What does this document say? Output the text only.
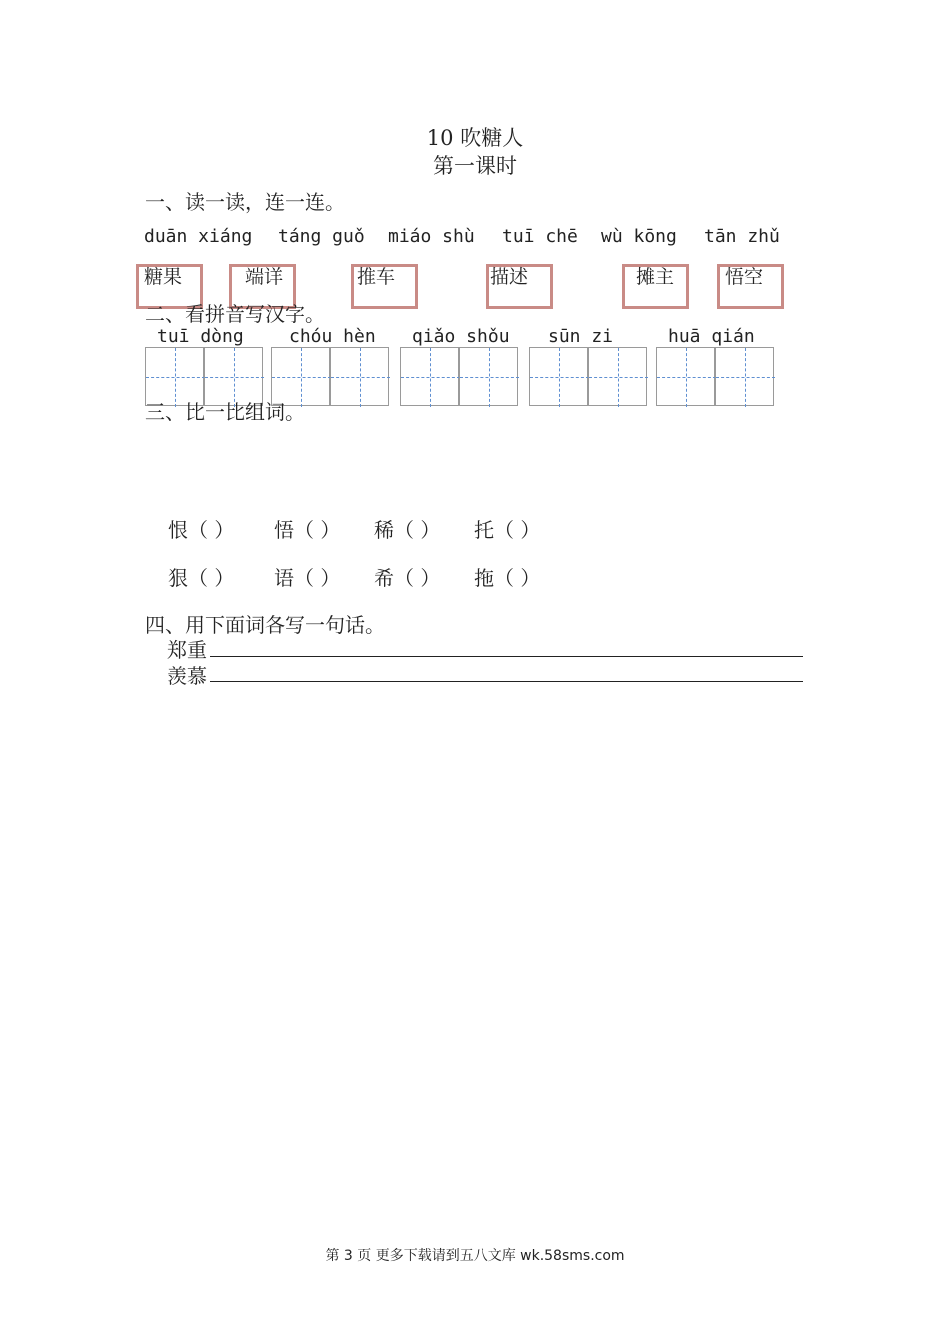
10 吹糖人
第一课时
一、读一读，连一连。
duān xiáng táng guǒ miáo shù tuī chē wù kōng tān zhǔ
糖果	端详	推车	描述	摊主	悟空
二、看拼音写汉字。
tuī dòng	chóu hèn qiǎo shǒu sūn zi	huā qián
三、比一比组词。
恨（ ） 悟（ ） 稀（ ） 托（ ）
狠（ ） 语（ ） 希（ ） 拖（ ）
四、用下面词各写一句话。
郑重
羡慕
第 3 页 更多下载请到五八文库 wk.58sms.com
